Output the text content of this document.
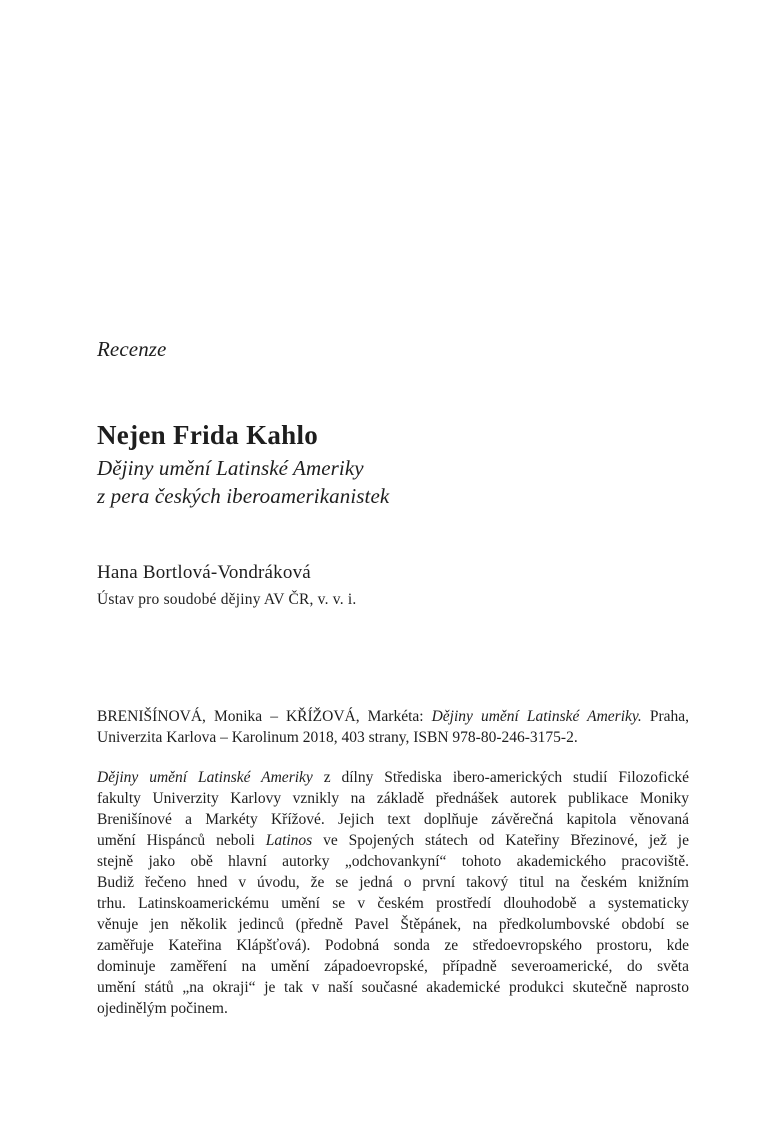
Recenze
Nejen Frida Kahlo
Dějiny umění Latinské Ameriky
z pera českých iberoamerikanistek
Hana Bortlová-Vondráková
Ústav pro soudobé dějiny AV ČR, v. v. i.
BRENIŠÍNOVÁ, Monika – KŘÍŽOVÁ, Markéta: Dějiny umění Latinské Ameriky. Praha,
Univerzita Karlova – Karolinum 2018, 403 strany, ISBN 978-80-246-3175-2.
Dějiny umění Latinské Ameriky z dílny Střediska ibero-amerických studií Filozofické
fakulty Univerzity Karlovy vznikly na základě přednášek autorek publikace Moniky
Brenišínové a Markéty Křížové. Jejich text doplňuje závěrečná kapitola věnovaná
umění Hispánců neboli Latinos ve Spojených státech od Kateřiny Březinové, jež je
stejně jako obě hlavní autorky „odchovankyní“ tohoto akademického pracoviště.
Budiž řečeno hned v úvodu, že se jedná o první takový titul na českém knižním
trhu. Latinskoamerickému umění se v českém prostředí dlouhodobě a systematicky
věnuje jen několik jedinců (předně Pavel Štěpánek, na předkolumbovské období se
zaměřuje Kateřina Klápšťová). Podobná sonda ze středoevropského prostoru, kde
dominuje zaměření na umění západoevropské, případně severoamerické, do světa
umění států „na okraji“ je tak v naší současné akademické produkci skutečně naprosto
ojedinělým počinem.
